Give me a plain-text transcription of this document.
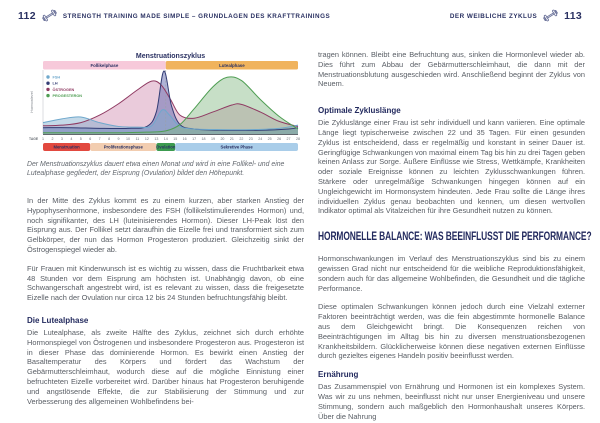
112	STRENGTH TRAINING MADE SIMPLE – GRUNDLAGEN DES KRAFTTRAININGS	DER WEIBLICHE ZYKLUS	113
Menstruationszyklus
Follikelphase	Lutealphase
Hormonlevel
FSH
LH
ÖSTROGEN
PROGESTERON
TAGE 1 2 3 4 5 6 7 8 9 10 11 12 13 14 15 16 17 18 19 20 21 22 23 24 25 26 27 28
Menstruation	Proliferationsphase	Ovulation	Sekretive Phase
Der Menstruationszyklus dauert etwa einen Monat und wird in eine Follikel- und eine Lutealphase gegliedert, der Eisprung (Ovulation) bildet den Höhepunkt.
In der Mitte des Zyklus kommt es zu einem kurzen, aber starken Anstieg der Hypophysenhormone, insbesondere des FSH (follikelstimulierendes Hormon) und, noch signifikanter, des LH (luteinisierendes Hormon). Dieser LH-Peak löst den Eisprung aus. Der Follikel setzt daraufhin die Eizelle frei und transformiert sich zum Gelbkörper, der nun das Hormon Progesteron produziert. Gleichzeitig sinkt der Östrogenspiegel wieder ab.
Für Frauen mit Kinderwunsch ist es wichtig zu wissen, dass die Fruchtbarkeit etwa 48 Stunden vor dem Eisprung am höchsten ist. Unabhängig davon, ob eine Schwangerschaft angestrebt wird, ist es relevant zu wissen, dass die freigesetzte Eizelle nach der Ovulation nur circa 12 bis 24 Stunden befruchtungsfähig bleibt.
Die Lutealphase
Die Lutealphase, als zweite Hälfte des Zyklus, zeichnet sich durch erhöhte Hormonspiegel von Östrogenen und insbesondere Progesteron aus. Progesteron ist in dieser Phase das dominierende Hormon. Es bewirkt einen Anstieg der Basaltemperatur des Körpers und fördert das Wachstum der Gebärmutterschleimhaut, wodurch diese auf die mögliche Einnistung einer befruchteten Eizelle vorbereitet wird. Darüber hinaus hat Progesteron beruhigende und angstlösende Effekte, die zur Stabilisierung der Stimmung und zur Verbesserung des allgemeinen Wohlbefindens bei-
tragen können. Bleibt eine Befruchtung aus, sinken die Hormonlevel wieder ab. Dies führt zum Abbau der Gebärmutterschleimhaut, die dann mit der Menstruationsblutung ausgeschieden wird. Anschließend beginnt der Zyklus von Neuem.
Optimale Zykluslänge
Die Zykluslänge einer Frau ist sehr individuell und kann variieren. Eine optimale Länge liegt typischerweise zwischen 22 und 35 Tagen. Für einen gesunden Zyklus ist entscheidend, dass er regelmäßig und konstant in seiner Dauer ist. Geringfügige Schwankungen von maximal einem Tag bis hin zu drei Tagen geben keinen Anlass zur Sorge. Äußere Einflüsse wie Stress, Wettkämpfe, Krankheiten oder soziale Ereignisse können zu leichten Zyklusschwankungen führen. Stärkere oder unregelmäßige Schwankungen hingegen können auf ein Ungleichgewicht im Hormonsystem hindeuten. Jede Frau sollte die Länge ihres individuellen Zyklus genau beobachten und kennen, um diesen wertvollen Indikator optimal als Vitalzeichen für ihre Gesundheit nutzen zu können.
HORMONELLE BALANCE: WAS BEEINFLUSST DIE PERFORMANCE?
Hormonschwankungen im Verlauf des Menstruationszyklus sind bis zu einem gewissen Grad nicht nur entscheidend für die weibliche Reproduktionsfähigkeit, sondern auch für das allgemeine Wohlbefinden, die Gesundheit und die tägliche Performance.
Diese optimalen Schwankungen können jedoch durch eine Vielzahl externer Faktoren beeinträchtigt werden, was die fein abgestimmte hormonelle Balance aus dem Gleichgewicht bringt. Die Konsequenzen reichen von Beeinträchtigungen im Alltag bis hin zu diversen menstruationsbezogenen Krankheitsbildern. Glücklicherweise können diese negativen externen Einflüsse durch gezieltes eigenes Handeln positiv beeinflusst werden.
Ernährung
Das Zusammenspiel von Ernährung und Hormonen ist ein komplexes System. Was wir zu uns nehmen, beeinflusst nicht nur unser Energieniveau und unsere Stimmung, sondern auch maßgeblich den Hormonhaushalt unseres Körpers. Über die Nahrung
